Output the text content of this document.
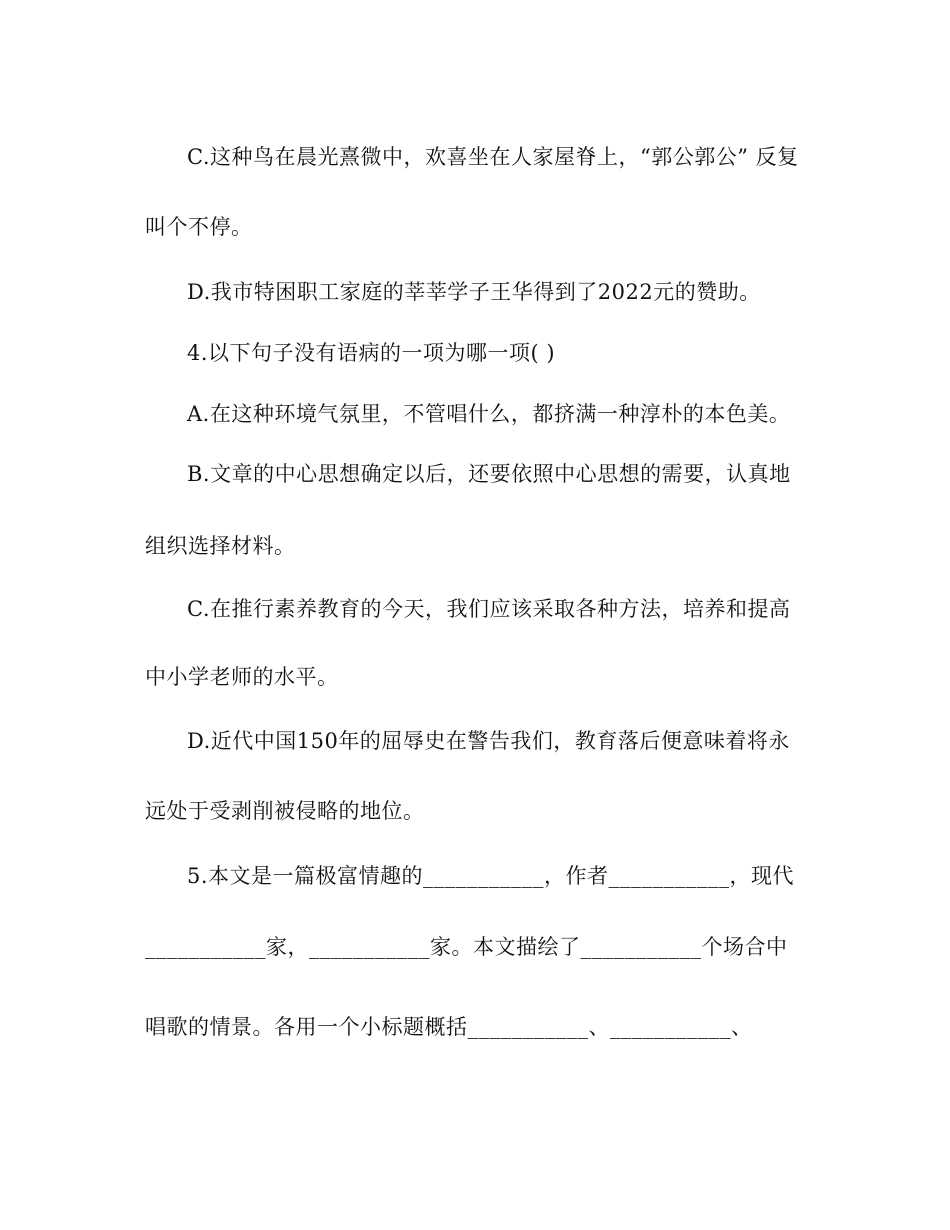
C.这种鸟在晨光熹微中，欢喜坐在人家屋脊上，“郭公郭公” 反复
叫个不停。
D.我市特困职工家庭的莘莘学子王华得到了2022元的赞助。
4.以下句子没有语病的一项为哪一项( )
A.在这种环境气氛里，不管唱什么，都挤满一种淳朴的本色美。
B.文章的中心思想确定以后，还要依照中心思想的需要，认真地
组织选择材料。
C.在推行素养教育的今天，我们应该采取各种方法，培养和提高
中小学老师的水平。
D.近代中国150年的屈辱史在警告我们，教育落后便意味着将永
远处于受剥削被侵略的地位。
5.本文是一篇极富情趣的___________，作者___________，现代
___________家，___________家。本文描绘了___________个场合中
唱歌的情景。各用一个小标题概括___________、___________、
